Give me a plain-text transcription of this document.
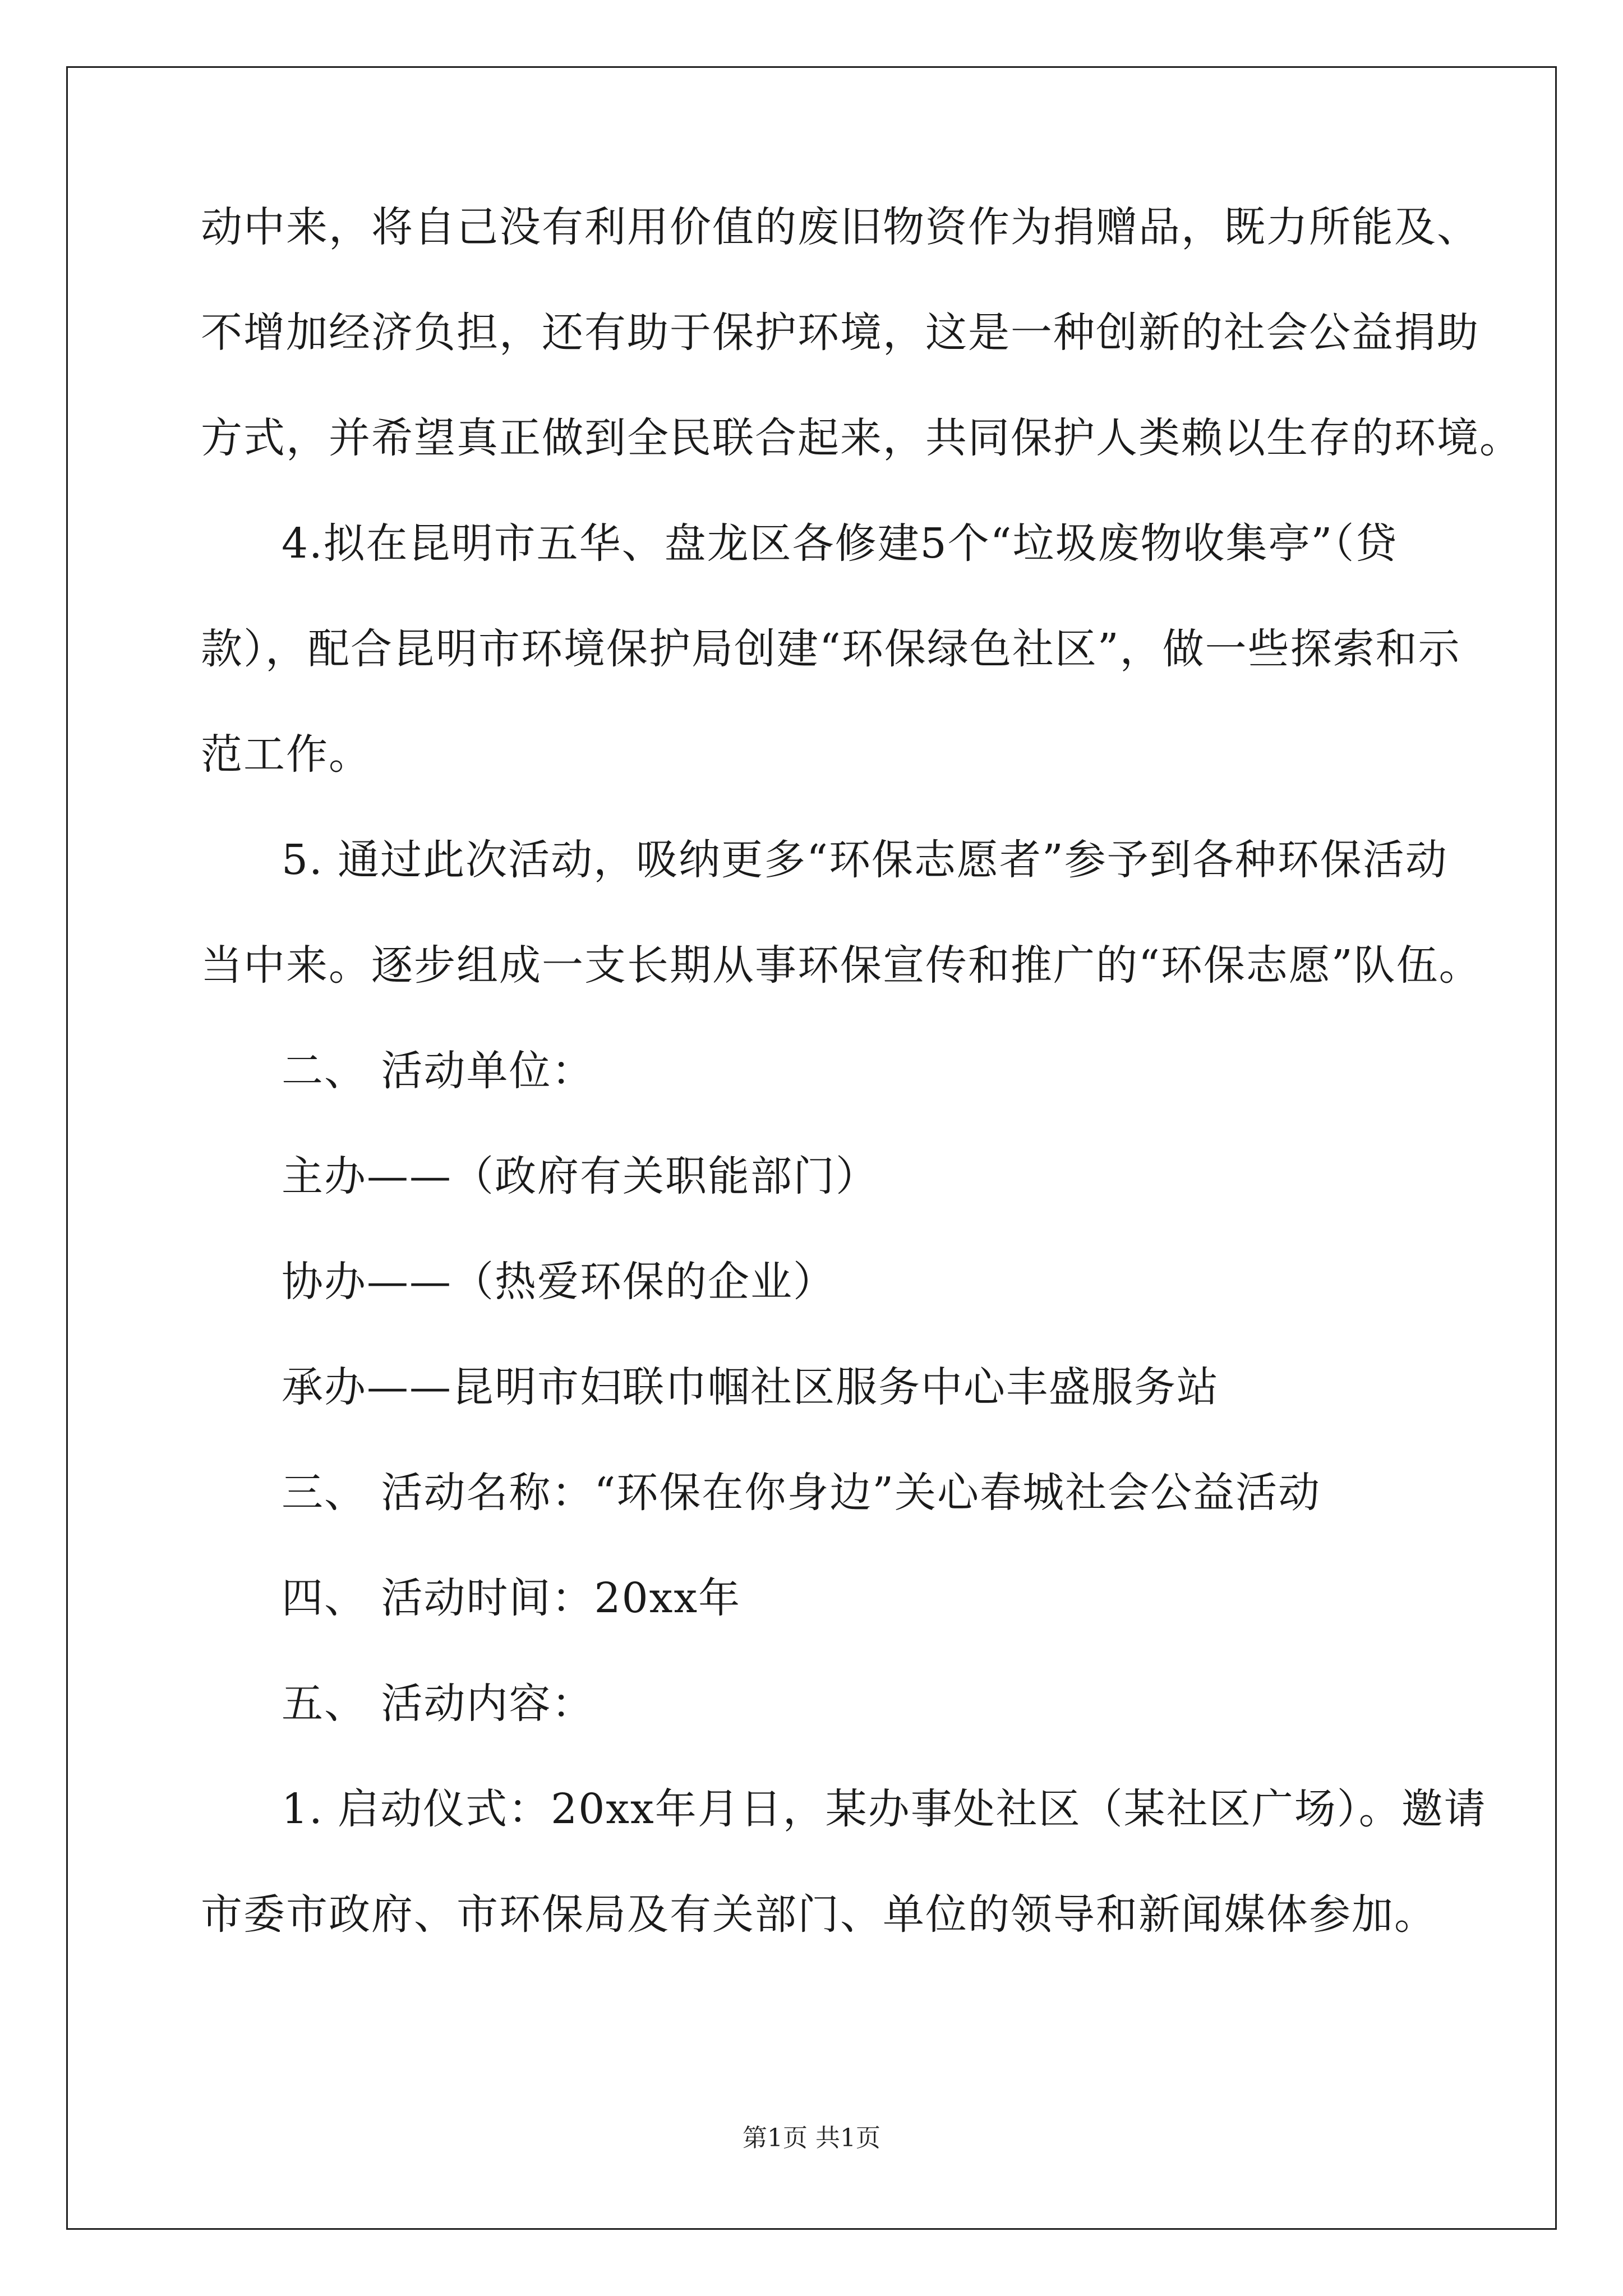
动中来，将自己没有利用价值的废旧物资作为捐赠品，既力所能及、
不增加经济负担，还有助于保护环境，这是一种创新的社会公益捐助
方式，并希望真正做到全民联合起来，共同保护人类赖以生存的环境。
4.拟在昆明市五华、盘龙区各修建5个“垃圾废物收集亭”（贷
款），配合昆明市环境保护局创建“环保绿色社区”，做一些探索和示
范工作。
5. 通过此次活动，吸纳更多“环保志愿者”参予到各种环保活动
当中来。逐步组成一支长期从事环保宣传和推广的“环保志愿”队伍。
二、 活动单位：
主办——（政府有关职能部门）
协办——（热爱环保的企业）
承办——昆明市妇联巾帼社区服务中心丰盛服务站
三、 活动名称：“环保在你身边”关心春城社会公益活动
四、 活动时间：20xx年
五、 活动内容：
1. 启动仪式：20xx年月日，某办事处社区（某社区广场）。邀请
市委市政府、市环保局及有关部门、单位的领导和新闻媒体参加。
第1页 共1页
